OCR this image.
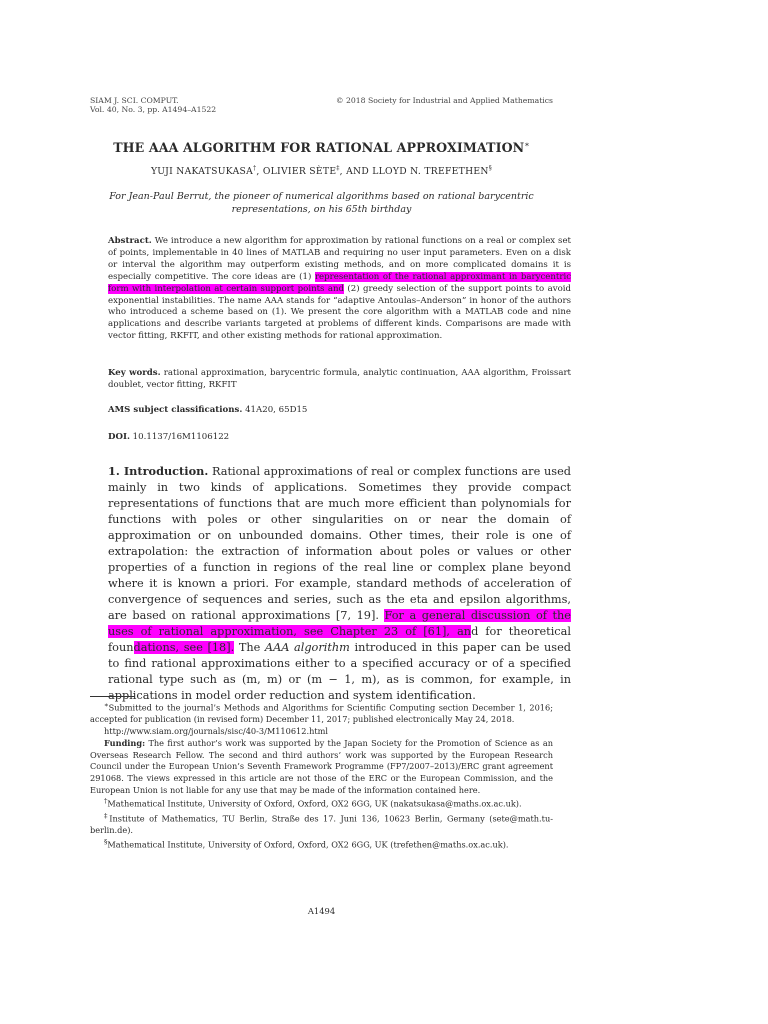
SIAM J. SCI. COMPUT.
Vol. 40, No. 3, pp. A1494–A1522
© 2018 Society for Industrial and Applied Mathematics
THE AAA ALGORITHM FOR RATIONAL APPROXIMATION∗
YUJI NAKATSUKASA†, OLIVIER SÈTE‡, AND LLOYD N. TREFETHEN§
For Jean-Paul Berrut, the pioneer of numerical algorithms based on rational barycentric representations, on his 65th birthday
Abstract. We introduce a new algorithm for approximation by rational functions on a real or complex set of points, implementable in 40 lines of MATLAB and requiring no user input parameters. Even on a disk or interval the algorithm may outperform existing methods, and on more complicated domains it is especially competitive. The core ideas are (1) representation of the rational approximant in barycentric form with interpolation at certain support points and (2) greedy selection of the support points to avoid exponential instabilities. The name AAA stands for “adaptive Antoulas–Anderson” in honor of the authors who introduced a scheme based on (1). We present the core algorithm with a MATLAB code and nine applications and describe variants targeted at problems of different kinds. Comparisons are made with vector fitting, RKFIT, and other existing methods for rational approximation.
Key words. rational approximation, barycentric formula, analytic continuation, AAA algorithm, Froissart doublet, vector fitting, RKFIT
AMS subject classifications. 41A20, 65D15
DOI. 10.1137/16M1106122
1. Introduction. Rational approximations of real or complex functions are used mainly in two kinds of applications. Sometimes they provide compact representations of functions that are much more efficient than polynomials for functions with poles or other singularities on or near the domain of approximation or on unbounded domains. Other times, their role is one of extrapolation: the extraction of information about poles or values or other properties of a function in regions of the real line or complex plane beyond where it is known a priori. For example, standard methods of acceleration of convergence of sequences and series, such as the eta and epsilon algorithms, are based on rational approximations [7, 19]. For a general discussion of the uses of rational approximation, see Chapter 23 of [61], and for theoretical foundations, see [18]. The AAA algorithm introduced in this paper can be used to find rational approximations either to a specified accuracy or of a specified rational type such as (m, m) or (m − 1, m), as is common, for example, in applications in model order reduction and system identification.

∗Submitted to the journal’s Methods and Algorithms for Scientific Computing section December 1, 2016; accepted for publication (in revised form) December 11, 2017; published electronically May 24, 2018.

http://www.siam.org/journals/sisc/40-3/M110612.html

Funding: The first author’s work was supported by the Japan Society for the Promotion of Science as an Overseas Research Fellow. The second and third authors’ work was supported by the European Research Council under the European Union’s Seventh Framework Programme (FP7/2007–2013)/ERC grant agreement 291068. The views expressed in this article are not those of the ERC or the European Commission, and the European Union is not liable for any use that may be made of the information contained here.

†Mathematical Institute, University of Oxford, Oxford, OX2 6GG, UK (nakatsukasa@maths.ox.ac.uk).

‡Institute of Mathematics, TU Berlin, Straße des 17. Juni 136, 10623 Berlin, Germany (sete@math.tu-berlin.de).

§Mathematical Institute, University of Oxford, Oxford, OX2 6GG, UK (trefethen@maths.ox.ac.uk).

A1494
